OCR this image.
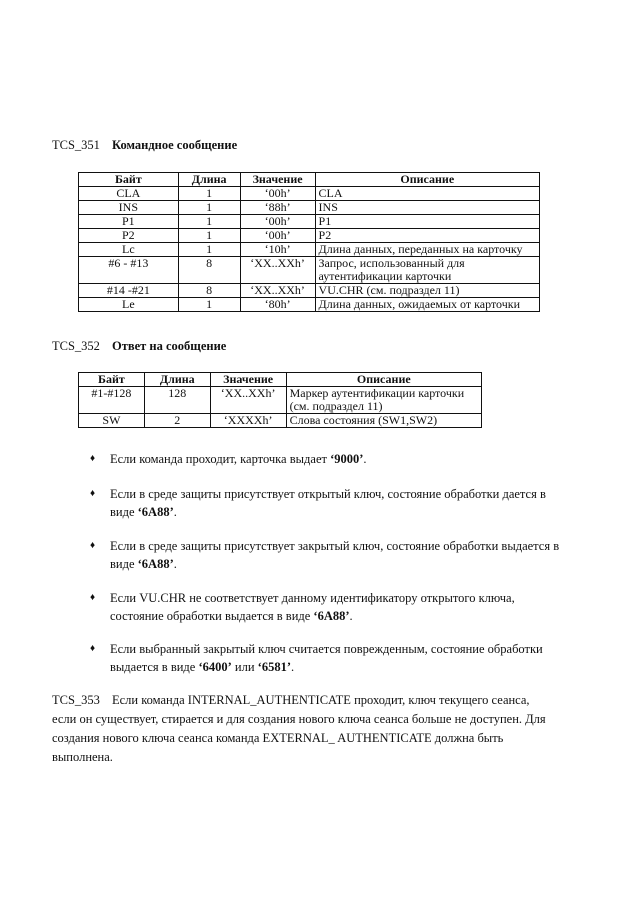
TCS_351 Командное сообщение
Байт	Длина	Значение	Описание
CLA	1	‘00h’	CLA
INS	1	‘88h’	INS
P1	1	‘00h’	P1
P2	1	‘00h’	P2
Lc	1	‘10h’	Длина данных, переданных на карточку
#6 - #13	8	‘XX..XXh’	Запрос, использованный для аутентификации карточки
#14 -#21	8	‘XX..XXh’	VU.CHR (см. подраздел 11)
Le	1	‘80h’	Длина данных, ожидаемых от карточки
TCS_352 Ответ на сообщение
Байт	Длина	Значение	Описание
#1-#128	128	‘XX..XXh’	Маркер аутентификации карточки (см. подраздел 11)
SW	2	‘XXXXh’	Слова состояния (SW1,SW2)
♦ Если команда проходит, карточка выдает ‘9000’.
♦ Если в среде защиты присутствует открытый ключ, состояние обработки дается в виде ‘6A88’.
♦ Если в среде защиты присутствует закрытый ключ, состояние обработки выдается в виде ‘6A88’.
♦ Если VU.CHR не соответствует данному идентификатору открытого ключа, состояние обработки выдается в виде ‘6A88’.
♦ Если выбранный закрытый ключ считается поврежденным, состояние обработки выдается в виде ‘6400’ или ‘6581’.
TCS_353 Если команда INTERNAL_AUTHENTICATE проходит, ключ текущего сеанса, если он существует, стирается и для создания нового ключа сеанса больше не доступен. Для создания нового ключа сеанса команда EXTERNAL_ AUTHENTICATE должна быть выполнена.
